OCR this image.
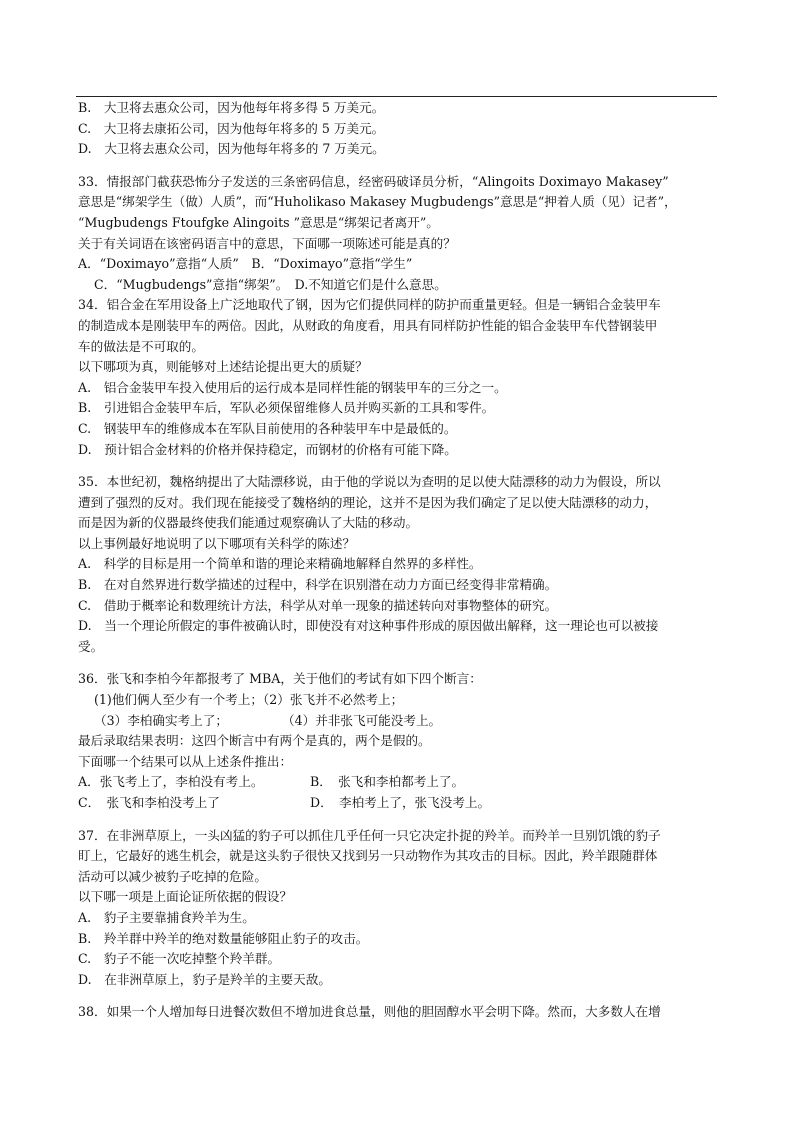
B.　大卫将去惠众公司，因为他每年将多得 5 万美元。
C.　大卫将去康拓公司，因为他每年将多的 5 万美元。
D.　大卫将去惠众公司，因为他每年将多的 7 万美元。
33．情报部门截获恐怖分子发送的三条密码信息，经密码破译员分析，“Alingoits Doximayo Makasey”
意思是“绑架学生（做）人质”，而“Huholikaso Makasey Mugbudengs”意思是“押着人质（见）记者”，
“Mugbudengs Ftoufgke Alingoits ”意思是“绑架记者离开”。
关于有关词语在该密码语言中的意思，下面哪一项陈述可能是真的？
A．“Doximayo”意指“人质”　B．“Doximayo”意指“学生”
C．“Mugbudengs”意指“绑架”。　D.不知道它们是什么意思。
34．铝合金在军用设备上广泛地取代了钢，因为它们提供同样的防护而重量更轻。但是一辆铝合金装甲车
的制造成本是刚装甲车的两倍。因此，从财政的角度看，用具有同样防护性能的铝合金装甲车代替钢装甲
车的做法是不可取的。
以下哪项为真，则能够对上述结论提出更大的质疑？
A.　铝合金装甲车投入使用后的运行成本是同样性能的钢装甲车的三分之一。
B.　引进铝合金装甲车后，军队必须保留维修人员并购买新的工具和零件。
C.　钢装甲车的维修成本在军队目前使用的各种装甲车中是最低的。
D.　预计铝合金材料的价格并保持稳定，而钢材的价格有可能下降。
35．本世纪初，魏格纳提出了大陆漂移说，由于他的学说以为查明的足以使大陆漂移的动力为假设，所以
遭到了强烈的反对。我们现在能接受了魏格纳的理论，这并不是因为我们确定了足以使大陆漂移的动力，
而是因为新的仪器最终使我们能通过观察确认了大陆的移动。
以上事例最好地说明了以下哪项有关科学的陈述？
A.　科学的目标是用一个简单和谐的理论来精确地解释自然界的多样性。
B.　在对自然界进行数学描述的过程中，科学在识别潜在动力方面已经变得非常精确。
C.　借助于概率论和数理统计方法，科学从对单一现象的描述转向对事物整体的研究。
D.　当一个理论所假定的事件被确认时，即使没有对这种事件形成的原因做出解释，这一理论也可以被接
受。
36．张飞和李柏今年都报考了 MBA，关于他们的考试有如下四个断言：
(1)他们俩人至少有一个考上；（2）张飞并不必然考上；
（3）李柏确实考上了；	（4）并非张飞可能没考上。
最后录取结果表明：这四个断言中有两个是真的，两个是假的。
下面哪一个结果可以从上述条件推出：
A．张飞考上了，李柏没有考上。	B．　张飞和李柏都考上了。
C．　张飞和李柏没考上了	D．　李柏考上了，张飞没考上。
37．在非洲草原上，一头凶猛的豹子可以抓住几乎任何一只它决定扑捉的羚羊。而羚羊一旦别饥饿的豹子
盯上，它最好的逃生机会，就是这头豹子很快又找到另一只动物作为其攻击的目标。因此，羚羊跟随群体
活动可以减少被豹子吃掉的危险。
以下哪一项是上面论证所依据的假设？
A.　豹子主要靠捕食羚羊为生。
B.　羚羊群中羚羊的绝对数量能够阻止豹子的攻击。
C.　豹子不能一次吃掉整个羚羊群。
D.　在非洲草原上，豹子是羚羊的主要天敌。
38．如果一个人增加每日进餐次数但不增加进食总量，则他的胆固醇水平会明下降。然而，大多数人在增
